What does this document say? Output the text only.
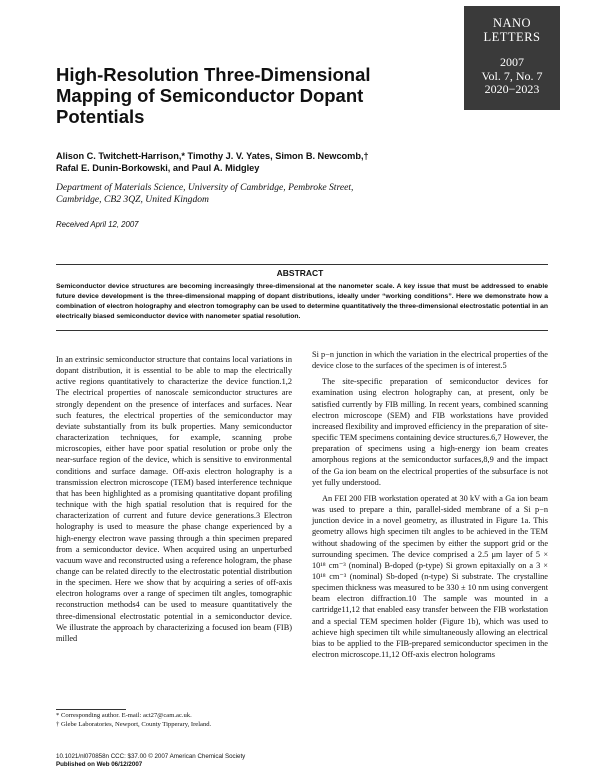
NANO
LETTERS
2007
Vol. 7, No. 7
2020−2023
High-Resolution Three-Dimensional Mapping of Semiconductor Dopant Potentials
Alison C. Twitchett-Harrison,* Timothy J. V. Yates, Simon B. Newcomb,†
Rafal E. Dunin-Borkowski, and Paul A. Midgley
Department of Materials Science, University of Cambridge, Pembroke Street,
Cambridge, CB2 3QZ, United Kingdom
Received April 12, 2007
ABSTRACT
Semiconductor device structures are becoming increasingly three-dimensional at the nanometer scale. A key issue that must be addressed to enable future device development is the three-dimensional mapping of dopant distributions, ideally under “working conditions”. Here we demonstrate how a combination of electron holography and electron tomography can be used to determine quantitatively the three-dimensional electrostatic potential in an electrically biased semiconductor device with nanometer spatial resolution.

In an extrinsic semiconductor structure that contains local variations in dopant distribution, it is essential to be able to map the electrically active regions quantitatively to characterize the device function.1,2 The electrical properties of nanoscale semiconductor structures are strongly dependent on the presence of interfaces and surfaces. Near such features, the electrical properties of the semiconductor may deviate substantially from its bulk properties. Many semiconductor characterization techniques, for example, scanning probe microscopies, either have poor spatial resolution or probe only the near-surface region of the device, which is sensitive to environmental conditions and surface damage. Off-axis electron holography is a transmission electron microscope (TEM) based interference technique that has been highlighted as a promising quantitative dopant profiling technique with the high spatial resolution that is required for the characterization of current and future device generations.3 Electron holography is used to measure the phase change experienced by a high-energy electron wave passing through a thin specimen prepared from a semiconductor device. When acquired using an unperturbed vacuum wave and reconstructed using a reference hologram, the phase change can be related directly to the electrostatic potential distribution in the specimen. Here we show that by acquiring a series of off-axis electron holograms over a range of specimen tilt angles, tomographic reconstruction methods4 can be used to measure quantitatively the three-dimensional electrostatic potential in a semiconductor device. We illustrate the approach by characterizing a focused ion beam (FIB) milled

* Corresponding author. E-mail: act27@cam.ac.uk.
† Glebe Laboratories, Newport, County Tipperary, Ireland.

Si p−n junction in which the variation in the electrical properties of the device close to the surfaces of the specimen is of interest.5

The site-specific preparation of semiconductor devices for examination using electron holography can, at present, only be satisfied currently by FIB milling. In recent years, combined scanning electron microscope (SEM) and FIB workstations have provided increased flexibility and improved efficiency in the preparation of site-specific TEM specimens containing device structures.6,7 However, the preparation of specimens using a high-energy ion beam creates amorphous regions at the semiconductor surfaces,8,9 and the impact of the Ga ion beam on the electrical properties of the subsurface is not yet fully understood.

An FEI 200 FIB workstation operated at 30 kV with a Ga ion beam was used to prepare a thin, parallel-sided membrane of a Si p−n junction device in a novel geometry, as illustrated in Figure 1a. This geometry allows high specimen tilt angles to be achieved in the TEM without shadowing of the specimen by either the support grid or the surrounding specimen. The device comprised a 2.5 μm layer of 5 × 10¹⁸ cm⁻³ (nominal) B-doped (p-type) Si grown epitaxially on a 3 × 10¹⁸ cm⁻³ (nominal) Sb-doped (n-type) Si substrate. The crystalline specimen thickness was measured to be 330 ± 10 nm using convergent beam electron diffraction.10 The sample was mounted in a cartridge11,12 that enabled easy transfer between the FIB workstation and a special TEM specimen holder (Figure 1b), which was used to achieve high specimen tilt while simultaneously allowing an electrical bias to be applied to the FIB-prepared semiconductor specimen in the electron microscope.11,12 Off-axis electron holograms

10.1021/nl070858n CCC: $37.00 © 2007 American Chemical Society
Published on Web 06/12/2007
